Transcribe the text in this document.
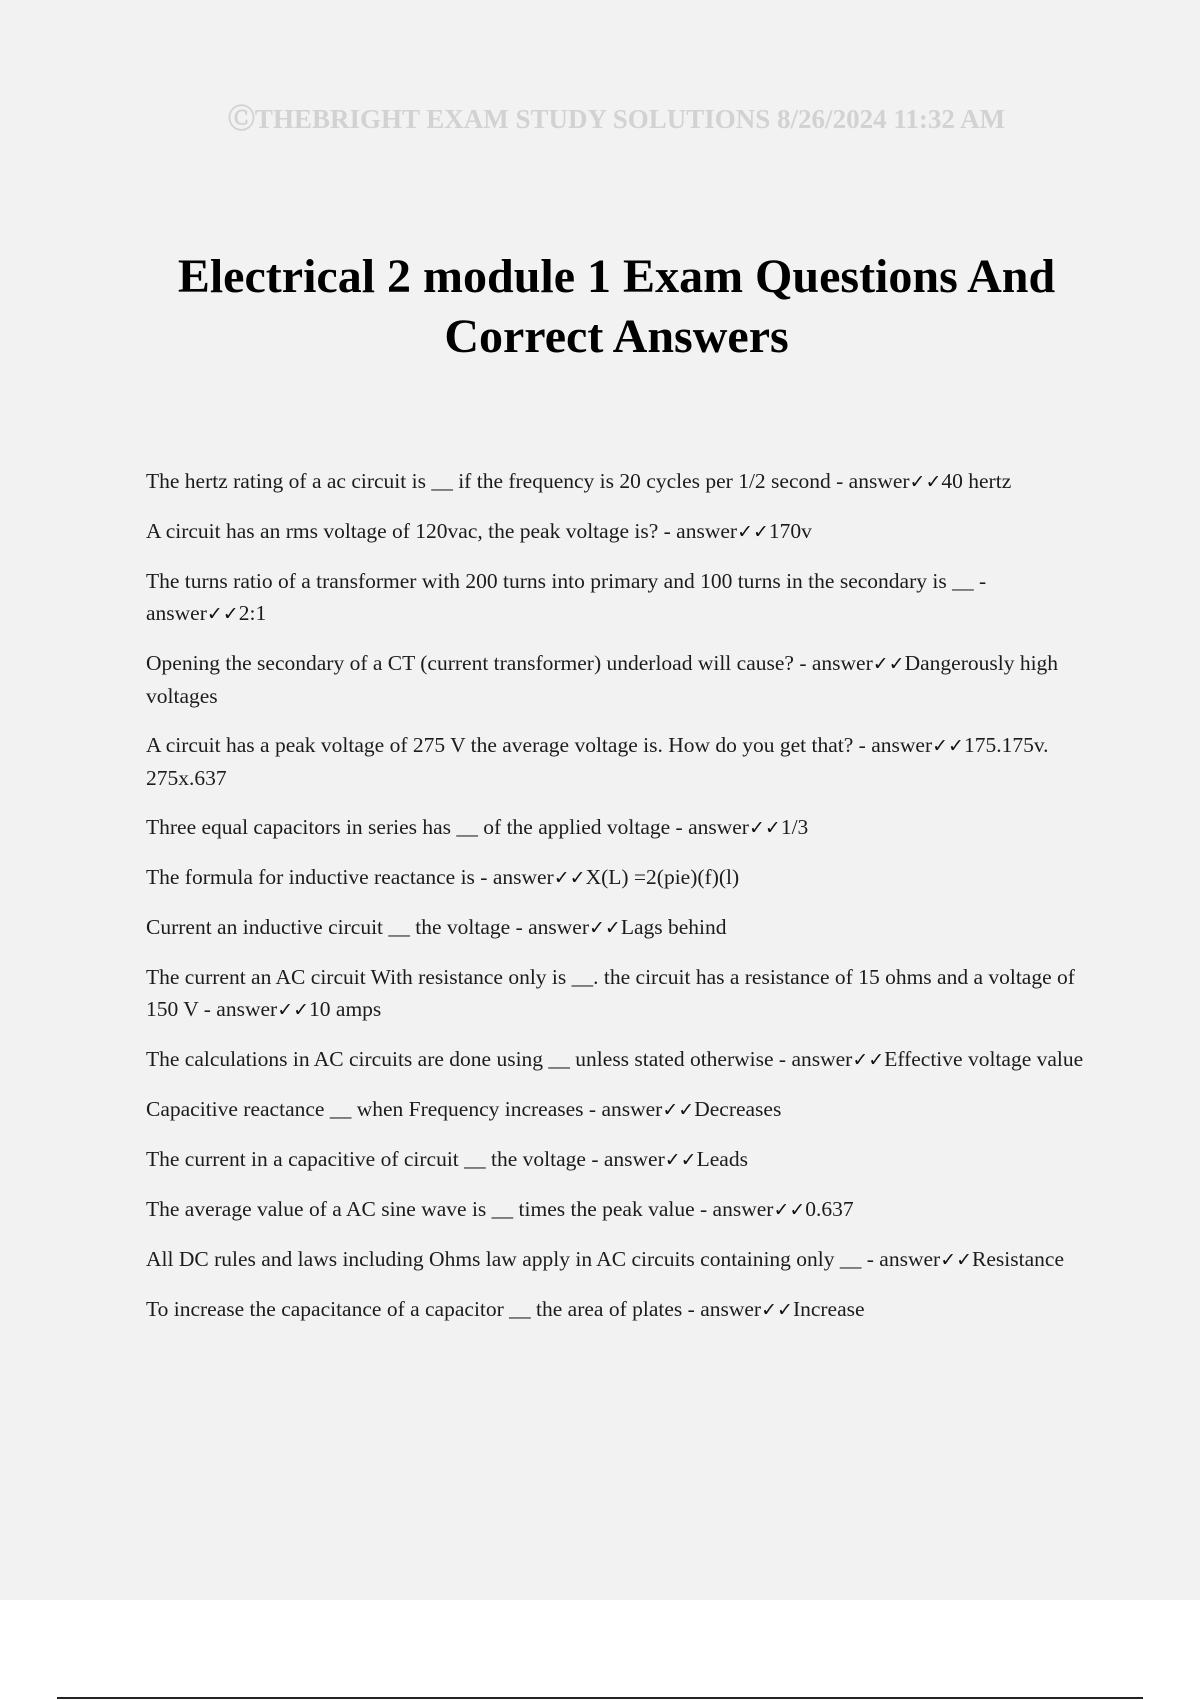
ⒸTHEBRIGHT EXAM STUDY SOLUTIONS 8/26/2024 11:32 AM
Electrical 2 module 1 Exam Questions And Correct Answers
The hertz rating of a ac circuit is __ if the frequency is 20 cycles per 1/2 second - answer✓✓40 hertz
A circuit has an rms voltage of 120vac, the peak voltage is? - answer✓✓170v
The turns ratio of a transformer with 200 turns into primary and 100 turns in the secondary is __ - answer✓✓2:1
Opening the secondary of a CT (current transformer) underload will cause? - answer✓✓Dangerously high voltages
A circuit has a peak voltage of 275 V the average voltage is. How do you get that? - answer✓✓175.175v. 275x.637
Three equal capacitors in series has __ of the applied voltage - answer✓✓1/3
The formula for inductive reactance is - answer✓✓X(L) =2(pie)(f)(l)
Current an inductive circuit __ the voltage - answer✓✓Lags behind
The current an AC circuit With resistance only is __. the circuit has a resistance of 15 ohms and a voltage of 150 V - answer✓✓10 amps
The calculations in AC circuits are done using __ unless stated otherwise - answer✓✓Effective voltage value
Capacitive reactance __ when Frequency increases - answer✓✓Decreases
The current in a capacitive of circuit __ the voltage - answer✓✓Leads
The average value of a AC sine wave is __ times the peak value - answer✓✓0.637
All DC rules and laws including Ohms law apply in AC circuits containing only __ - answer✓✓Resistance
To increase the capacitance of a capacitor __ the area of plates - answer✓✓Increase
